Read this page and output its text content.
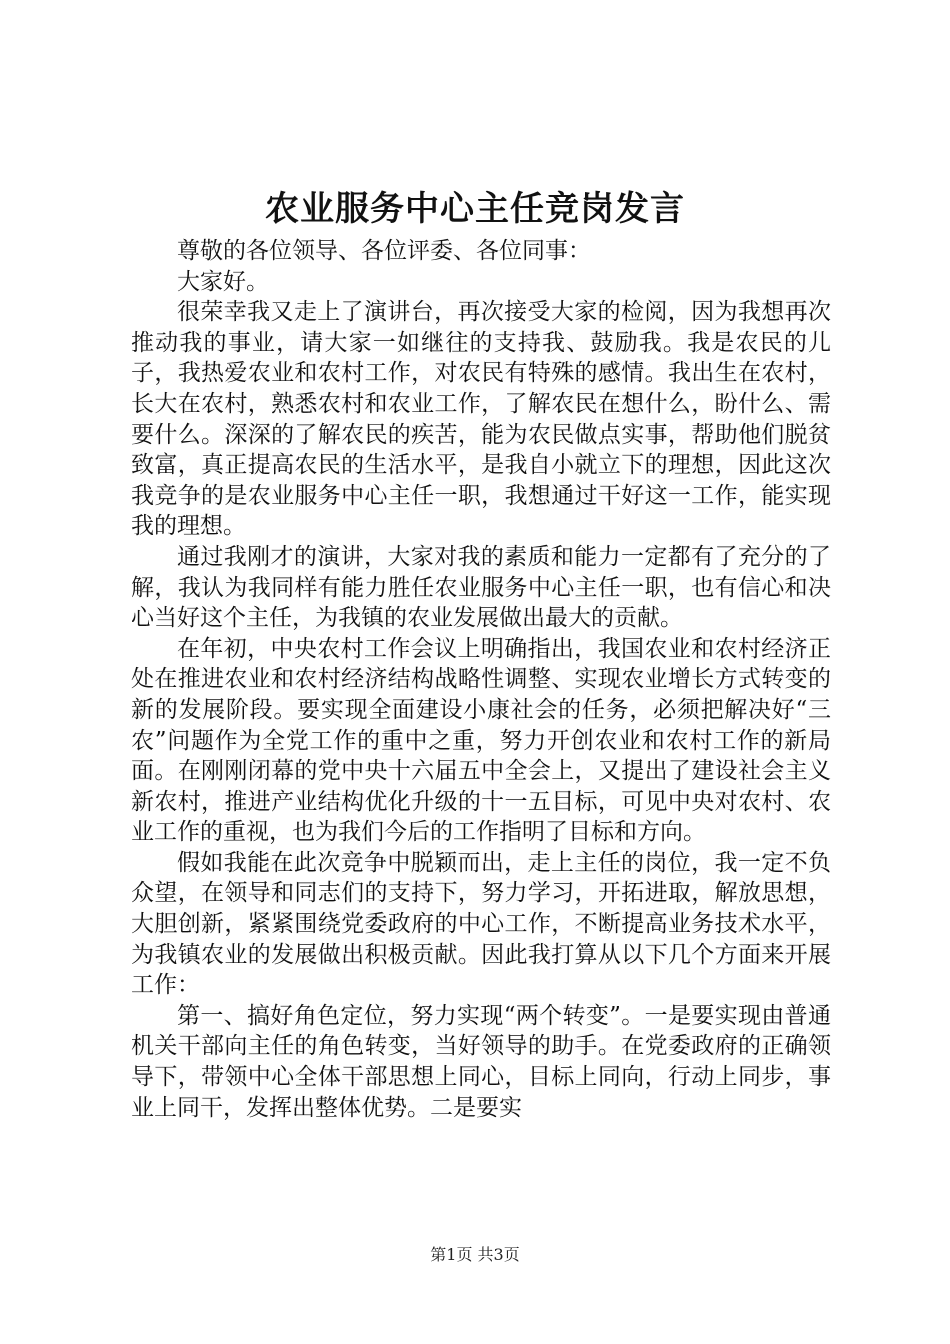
农业服务中心主任竞岗发言

尊敬的各位领导、各位评委、各位同事：

大家好。

很荣幸我又走上了演讲台，再次接受大家的检阅，因为我想再次推动我的事业，请大家一如继往的支持我、鼓励我。我是农民的儿子，我热爱农业和农村工作，对农民有特殊的感情。我出生在农村，长大在农村，熟悉农村和农业工作，了解农民在想什么，盼什么、需要什么。深深的了解农民的疾苦，能为农民做点实事，帮助他们脱贫致富，真正提高农民的生活水平，是我自小就立下的理想，因此这次我竞争的是农业服务中心主任一职，我想通过干好这一工作，能实现我的理想。

通过我刚才的演讲，大家对我的素质和能力一定都有了充分的了解，我认为我同样有能力胜任农业服务中心主任一职，也有信心和决心当好这个主任，为我镇的农业发展做出最大的贡献。

在年初，中央农村工作会议上明确指出，我国农业和农村经济正处在推进农业和农村经济结构战略性调整、实现农业增长方式转变的新的发展阶段。要实现全面建设小康社会的任务，必须把解决好“三农”问题作为全党工作的重中之重，努力开创农业和农村工作的新局面。在刚刚闭幕的党中央十六届五中全会上，又提出了建设社会主义新农村，推进产业结构优化升级的十一五目标，可见中央对农村、农业工作的重视，也为我们今后的工作指明了目标和方向。

假如我能在此次竞争中脱颖而出，走上主任的岗位，我一定不负众望，在领导和同志们的支持下，努力学习，开拓进取，解放思想，大胆创新，紧紧围绕党委政府的中心工作，不断提高业务技术水平，为我镇农业的发展做出积极贡献。因此我打算从以下几个方面来开展工作：

第一、搞好角色定位，努力实现“两个转变”。一是要实现由普通机关干部向主任的角色转变，当好领导的助手。在党委政府的正确领导下，带领中心全体干部思想上同心，目标上同向，行动上同步，事业上同干，发挥出整体优势。二是要实

第1页 共3页
